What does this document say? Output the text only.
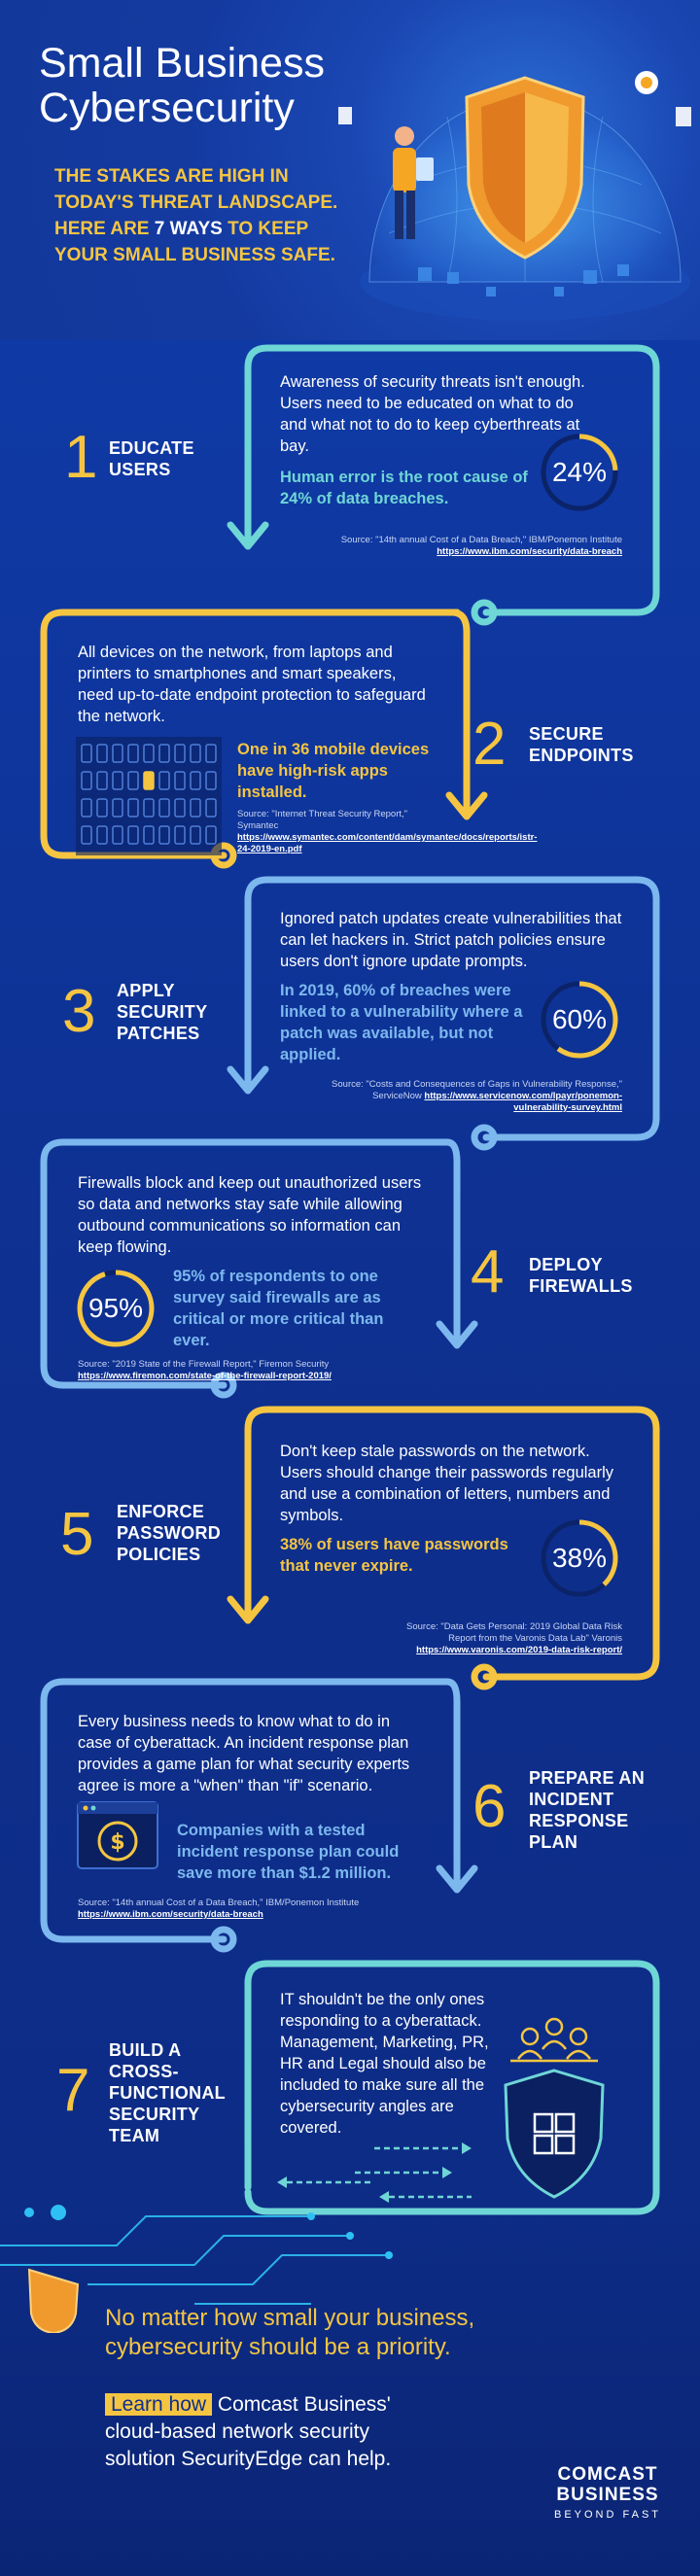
Small Business
Cybersecurity
THE STAKES ARE HIGH IN TODAY'S THREAT LANDSCAPE. HERE ARE 7 WAYS TO KEEP YOUR SMALL BUSINESS SAFE.
1 EDUCATE USERS
Awareness of security threats isn't enough. Users need to be educated on what to do and what not to do to keep cyberthreats at bay.
Human error is the root cause of 24% of data breaches.
24%
Source: "14th annual Cost of a Data Breach," IBM/Ponemon Institute https://www.ibm.com/security/data-breach
All devices on the network, from laptops and printers to smartphones and smart speakers, need up-to-date endpoint protection to safeguard the network.
One in 36 mobile devices have high-risk apps installed.
Source: "Internet Threat Security Report," Symantec https://www.symantec.com/content/dam/symantec/docs/reports/istr-24-2019-en.pdf
2 SECURE ENDPOINTS
3 APPLY SECURITY PATCHES
Ignored patch updates create vulnerabilities that can let hackers in. Strict patch policies ensure users don't ignore update prompts.
In 2019, 60% of breaches were linked to a vulnerability where a patch was available, but not applied.
60%
Source: "Costs and Consequences of Gaps in Vulnerability Response," ServiceNow https://www.servicenow.com/lpayr/ponemon-vulnerability-survey.html
Firewalls block and keep out unauthorized users so data and networks stay safe while allowing outbound communications so information can keep flowing.
95%
95% of respondents to one survey said firewalls are as critical or more critical than ever.
Source: "2019 State of the Firewall Report," Firemon Security https://www.firemon.com/state-of-the-firewall-report-2019/
4 DEPLOY FIREWALLS
5 ENFORCE PASSWORD POLICIES
Don't keep stale passwords on the network. Users should change their passwords regularly and use a combination of letters, numbers and symbols.
38% of users have passwords that never expire.	38%
Source: "Data Gets Personal: 2019 Global Data Risk Report from the Varonis Data Lab" Varonis https://www.varonis.com/2019-data-risk-report/
Every business needs to know what to do in case of cyberattack. An incident response plan provides a game plan for what security experts agree is more a "when" than "if" scenario.
$	Companies with a tested incident response plan could save more than $1.2 million.
Source: "14th annual Cost of a Data Breach," IBM/Ponemon Institute https://www.ibm.com/security/data-breach
6 PREPARE AN INCIDENT RESPONSE PLAN
7
BUILD A CROSS-FUNCTIONAL SECURITY TEAM
IT shouldn't be the only ones responding to a cyberattack. Management, Marketing, PR, HR and Legal should also be included to make sure all the cybersecurity angles are covered.
No matter how small your business, cybersecurity should be a priority.
Learn how Comcast Business' cloud-based network security solution SecurityEdge can help.
COMCAST
BUSINESS
BEYOND FAST
